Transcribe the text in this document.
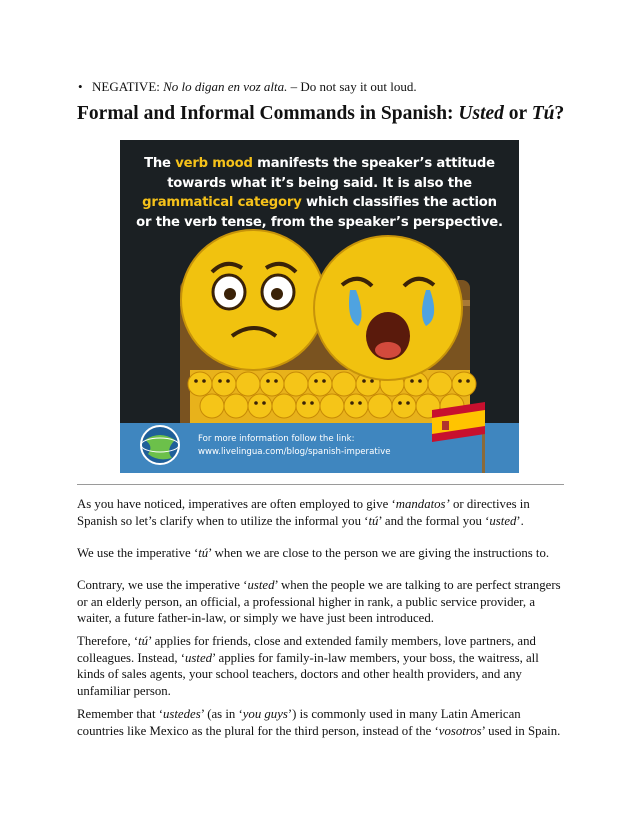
• NEGATIVE: No lo digan en voz alta. – Do not say it out loud.
Formal and Informal Commands in Spanish: Usted or Tú?
The verb mood manifests the speaker’s attitude
towards what it’s being said. It is also the
grammatical category which classifies the action
or the verb tense, from the speaker’s perspective.
For more information follow the link:
www.livelingua.com/blog/spanish-imperative

As you have noticed, imperatives are often employed to give ‘mandatos’ or directives in Spanish so let’s clarify when to utilize the informal you ‘tú’ and the formal you ‘usted’.

We use the imperative ‘tú’ when we are close to the person we are giving the instructions to.

Contrary, we use the imperative ‘usted’ when the people we are talking to are perfect strangers or an elderly person, an official, a professional higher in rank, a public service provider, a waiter, a future father-in-law, or simply we have just been introduced.

Therefore, ‘tú’ applies for friends, close and extended family members, love partners, and colleagues. Instead, ‘usted’ applies for family-in-law members, your boss, the waitress, all kinds of sales agents, your school teachers, doctors and other health providers, and any unfamiliar person.

Remember that ‘ustedes’ (as in ‘you guys’) is commonly used in many Latin American countries like Mexico as the plural for the third person, instead of the ‘vosotros’ used in Spain.
